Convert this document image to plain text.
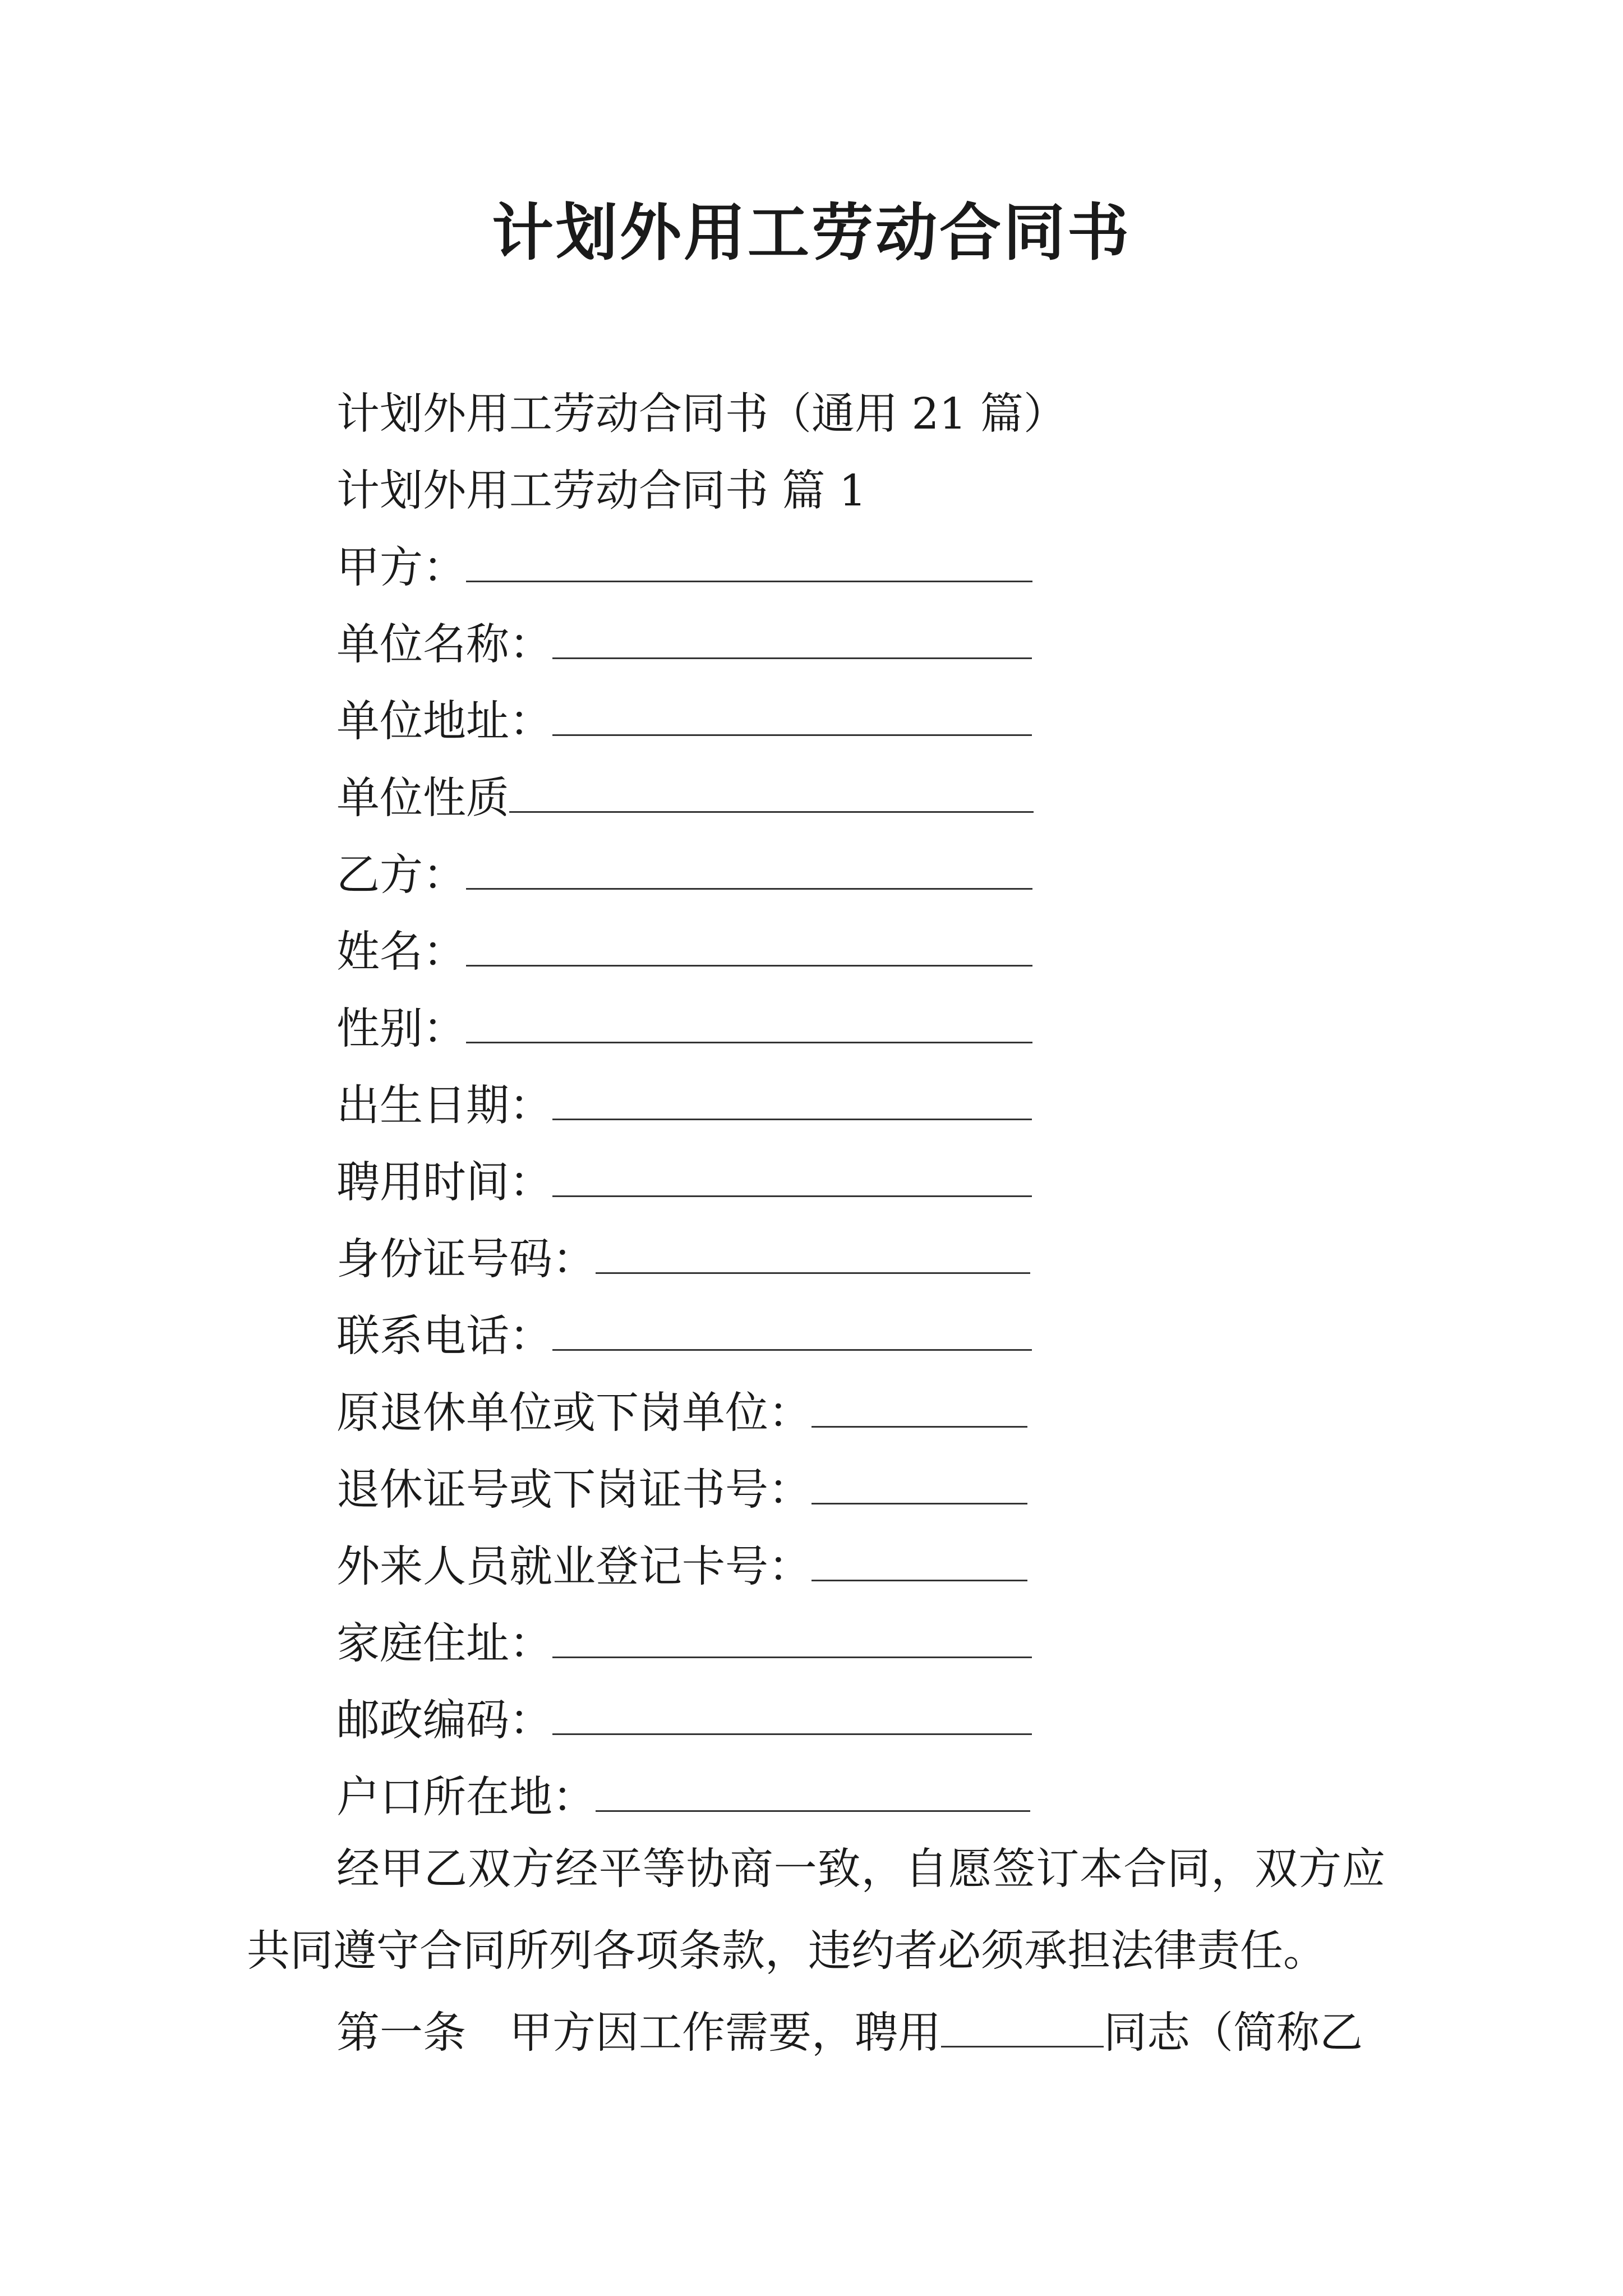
计划外用工劳动合同书
计划外用工劳动合同书（通用 21 篇）
计划外用工劳动合同书 篇 1
甲方：
单位名称：
单位地址：
单位性质
乙方：
姓名：
性别：
出生日期：
聘用时间：
身份证号码：
联系电话：
原退休单位或下岗单位：
退休证号或下岗证书号：
外来人员就业登记卡号：
家庭住址：
邮政编码：
户口所在地：

经甲乙双方经平等协商一致，自愿签订本合同，双方应共同遵守合同所列各项条款，违约者必须承担法律责任。

第一条　甲方因工作需要，聘用	同志（简称乙
